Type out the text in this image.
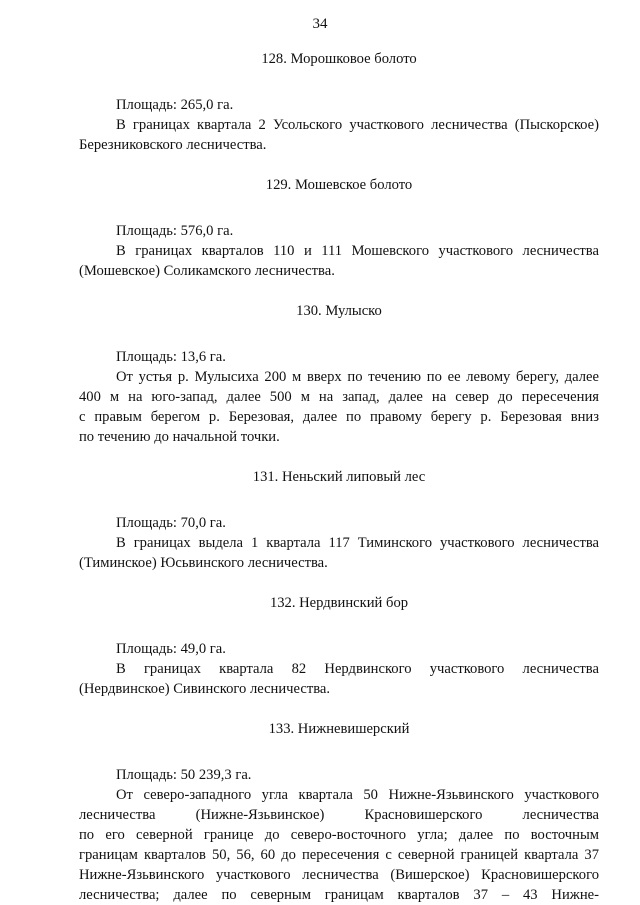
34

128. Морошковое болото

Площадь: 265,0 га.

В границах квартала 2 Усольского участкового лесничества (Пыскорское)

Березниковского лесничества.

129. Мошевское болото

Площадь: 576,0 га.

В границах кварталов 110 и 111 Мошевского участкового лесничества

(Мошевское) Соликамского лесничества.

130. Мулыско

Площадь: 13,6 га.

От устья р. Мулысиха 200 м вверх по течению по ее левому берегу, далее

400 м на юго-запад, далее 500 м на запад, далее на север до пересечения

с правым берегом р. Березовая, далее по правому берегу р. Березовая вниз

по течению до начальной точки.

131. Неньский липовый лес

Площадь: 70,0 га.

В границах выдела 1 квартала 117 Тиминского участкового лесничества

(Тиминское) Юсьвинского лесничества.

132. Нердвинский бор

Площадь: 49,0 га.

В границах квартала 82 Нердвинского участкового лесничества

(Нердвинское) Сивинского лесничества.

133. Нижневишерский

Площадь: 50 239,3 га.

От северо-западного угла квартала 50 Нижне-Язьвинского участкового

лесничества (Нижне-Язьвинское) Красновишерского лесничества

по его северной границе до северо-восточного угла; далее по восточным

границам кварталов 50, 56, 60 до пересечения с северной границей квартала 37

Нижне-Язьвинского участкового лесничества (Вишерское) Красновишерского

лесничества; далее по северным границам кварталов 37 – 43 Нижне-
